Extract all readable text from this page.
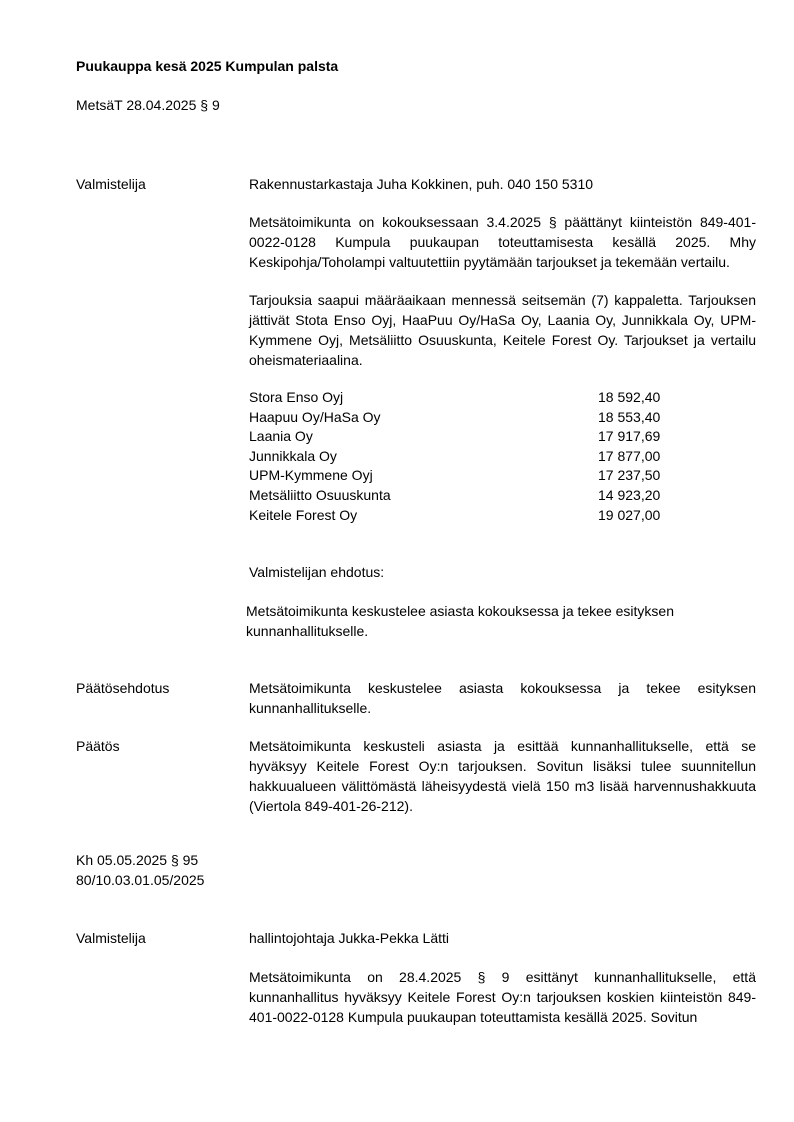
Puukauppa kesä 2025 Kumpulan palsta
MetsäT 28.04.2025 § 9
Valmistelija	Rakennustarkastaja Juha Kokkinen, puh. 040 150 5310
Metsätoimikunta on kokouksessaan 3.4.2025 § päättänyt kiinteistön 849-401-0022-0128 Kumpula puukaupan toteuttamisesta kesällä 2025. Mhy Keskipohja/Toholampi valtuutettiin pyytämään tarjoukset ja tekemään vertailu.
Tarjouksia saapui määräaikaan mennessä seitsemän (7) kappaletta. Tarjouksen jättivät Stota Enso Oyj, HaaPuu Oy/HaSa Oy, Laania Oy, Junnikkala Oy, UPM-Kymmene Oyj, Metsäliitto Osuuskunta, Keitele Forest Oy. Tarjoukset ja vertailu oheismateriaalina.
Stora Enso Oyj	18 592,40
Haapuu Oy/HaSa Oy	18 553,40
Laania Oy	17 917,69
Junnikkala Oy	17 877,00
UPM-Kymmene Oyj	17 237,50
Metsäliitto Osuuskunta	14 923,20
Keitele Forest Oy	19 027,00
Valmistelijan ehdotus:
Metsätoimikunta keskustelee asiasta kokouksessa ja tekee esityksen kunnanhallitukselle.
Päätösehdotus	Metsätoimikunta keskustelee asiasta kokouksessa ja tekee esityksen kunnanhallitukselle.
Päätös	Metsätoimikunta keskusteli asiasta ja esittää kunnanhallitukselle, että se hyväksyy Keitele Forest Oy:n tarjouksen. Sovitun lisäksi tulee suunnitellun hakkuualueen välittömästä läheisyydestä vielä 150 m3 lisää harvennushakkuuta (Viertola 849-401-26-212).
Kh 05.05.2025 § 95
80/10.03.01.05/2025
Valmistelija	hallintojohtaja Jukka-Pekka Lätti
Metsätoimikunta on 28.4.2025 § 9 esittänyt kunnanhallitukselle, että kunnanhallitus hyväksyy Keitele Forest Oy:n tarjouksen koskien kiinteistön 849-401-0022-0128 Kumpula puukaupan toteuttamista kesällä 2025. Sovitun
